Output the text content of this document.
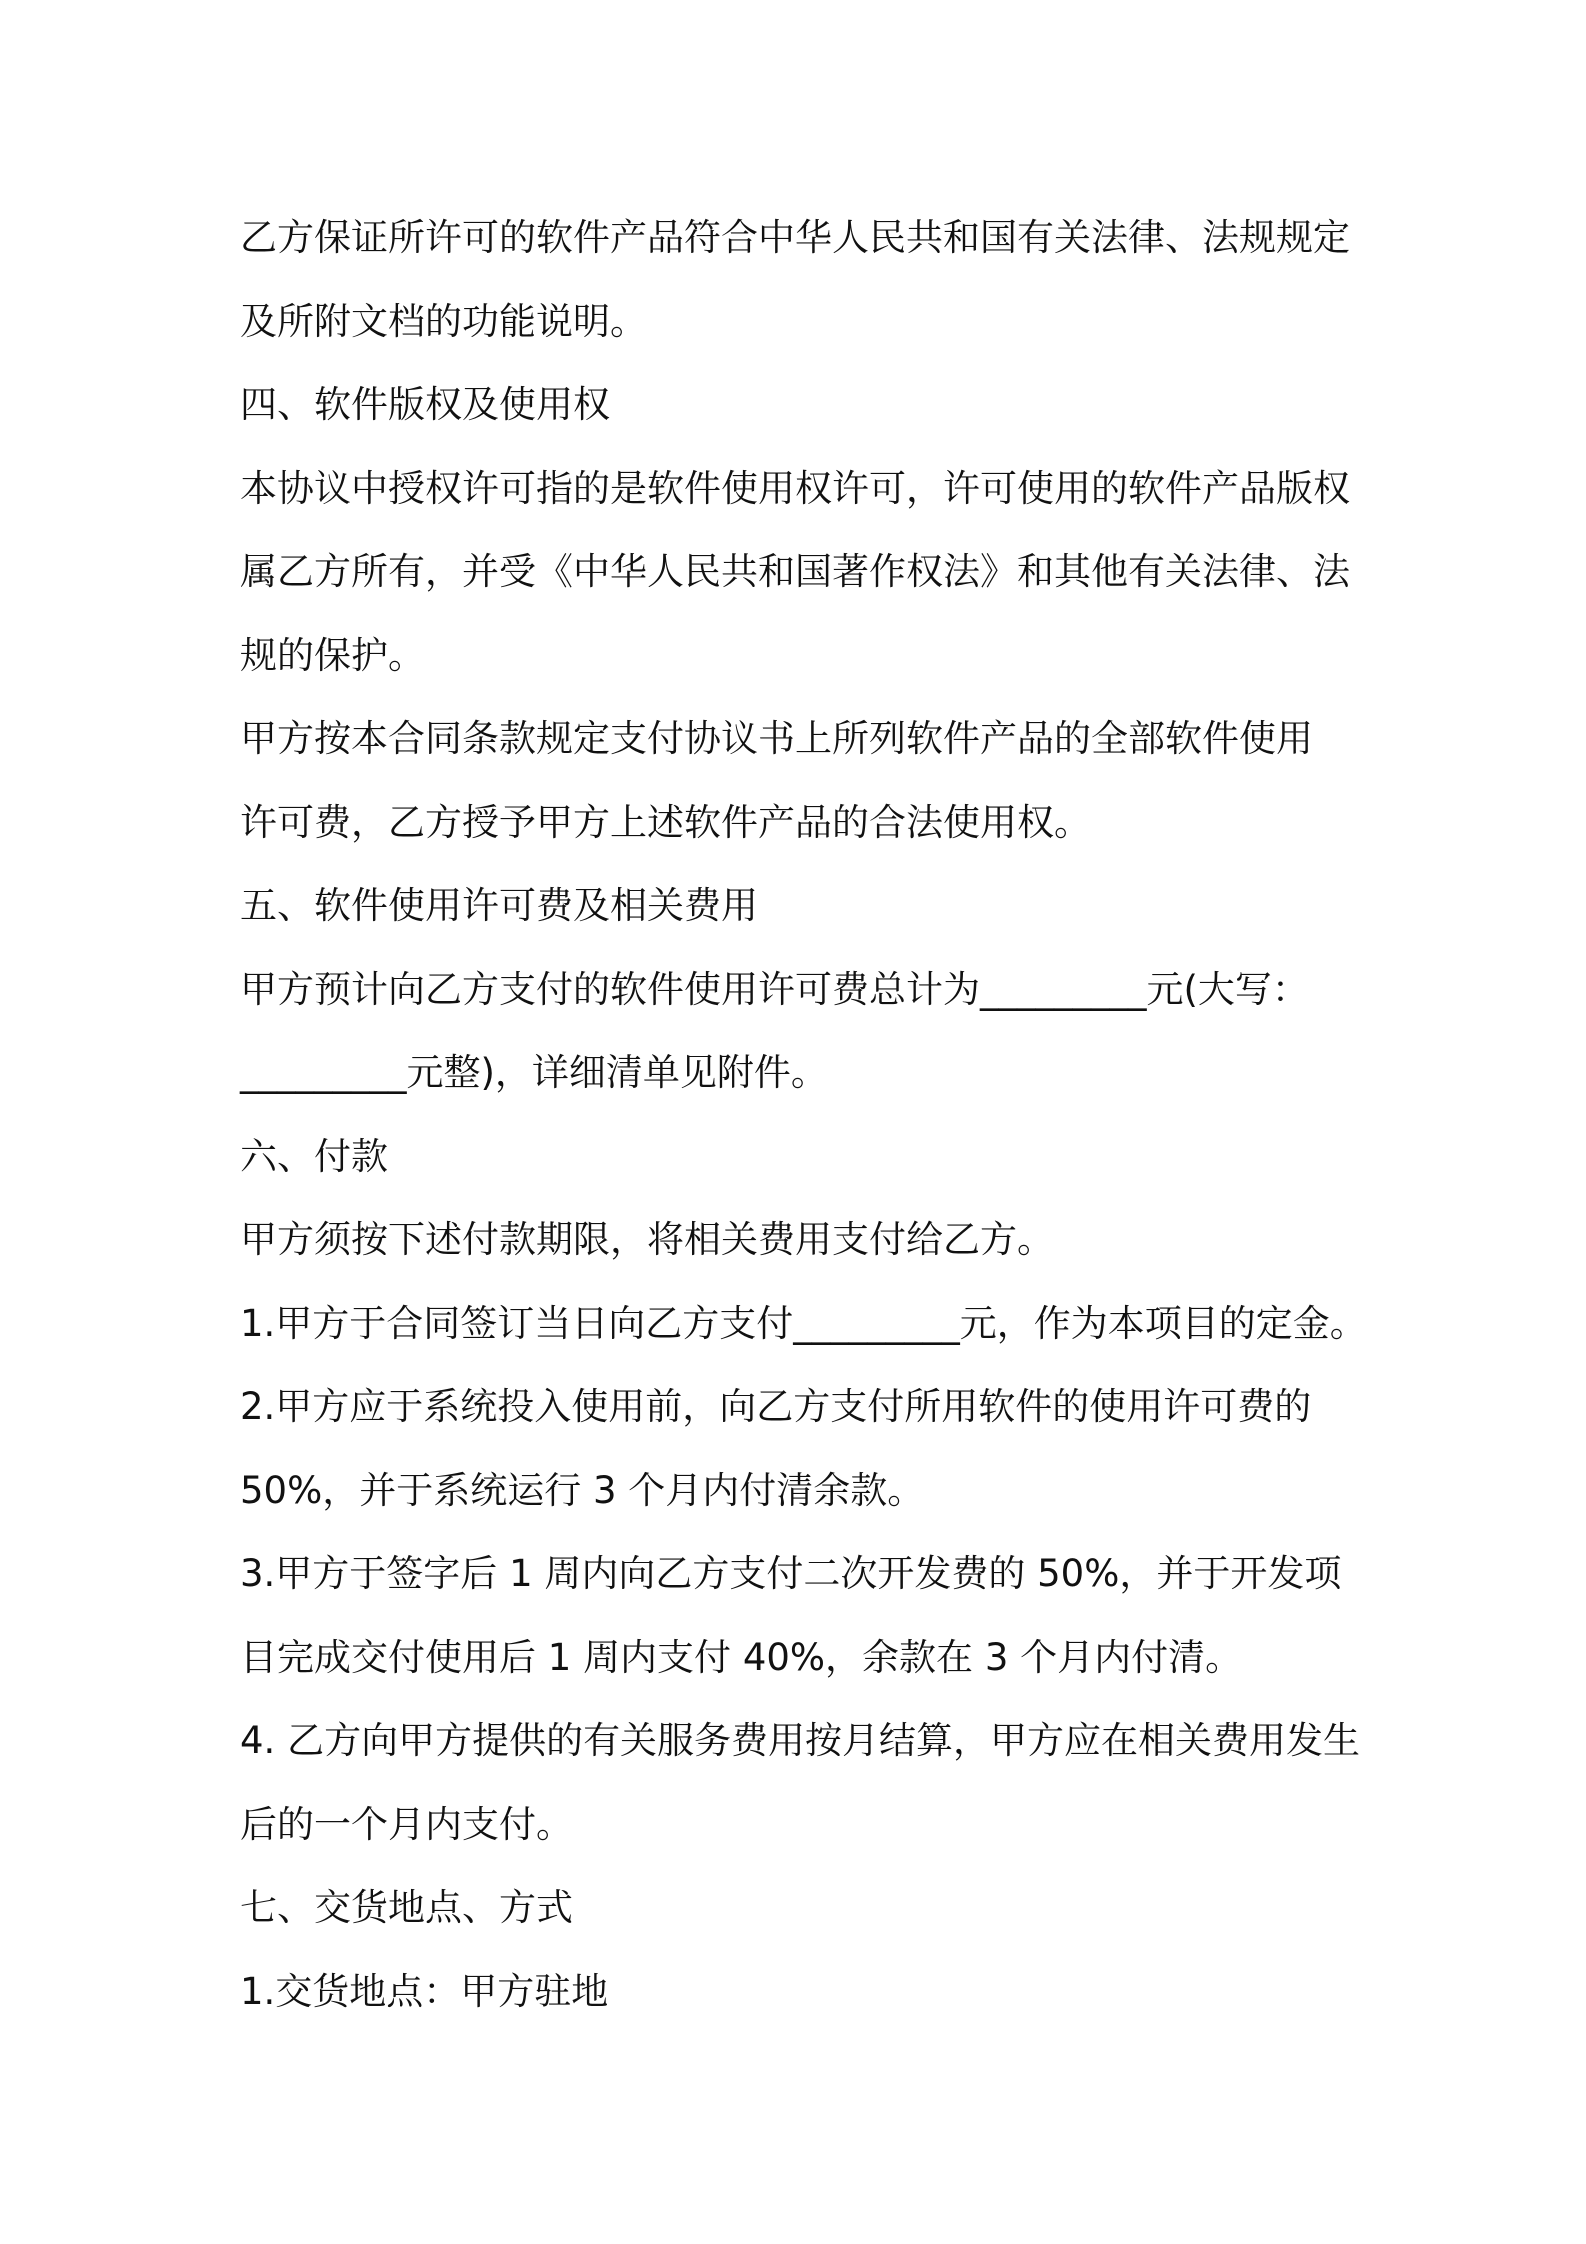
乙方保证所许可的软件产品符合中华人民共和国有关法律、法规规定

及所附文档的功能说明。

四、软件版权及使用权

本协议中授权许可指的是软件使用权许可，许可使用的软件产品版权

属乙方所有，并受《中华人民共和国著作权法》和其他有关法律、法

规的保护。

甲方按本合同条款规定支付协议书上所列软件产品的全部软件使用

许可费，乙方授予甲方上述软件产品的合法使用权。

五、软件使用许可费及相关费用

甲方预计向乙方支付的软件使用许可费总计为_________元(大写：

_________元整)，详细清单见附件。

六、付款

甲方须按下述付款期限，将相关费用支付给乙方。

1.甲方于合同签订当日向乙方支付_________元，作为本项目的定金。

2.甲方应于系统投入使用前，向乙方支付所用软件的使用许可费的

50%，并于系统运行 3 个月内付清余款。

3.甲方于签字后 1 周内向乙方支付二次开发费的 50%，并于开发项

目完成交付使用后 1 周内支付 40%，余款在 3 个月内付清。

4. 乙方向甲方提供的有关服务费用按月结算，甲方应在相关费用发生

后的一个月内支付。

七、交货地点、方式

1.交货地点：甲方驻地
